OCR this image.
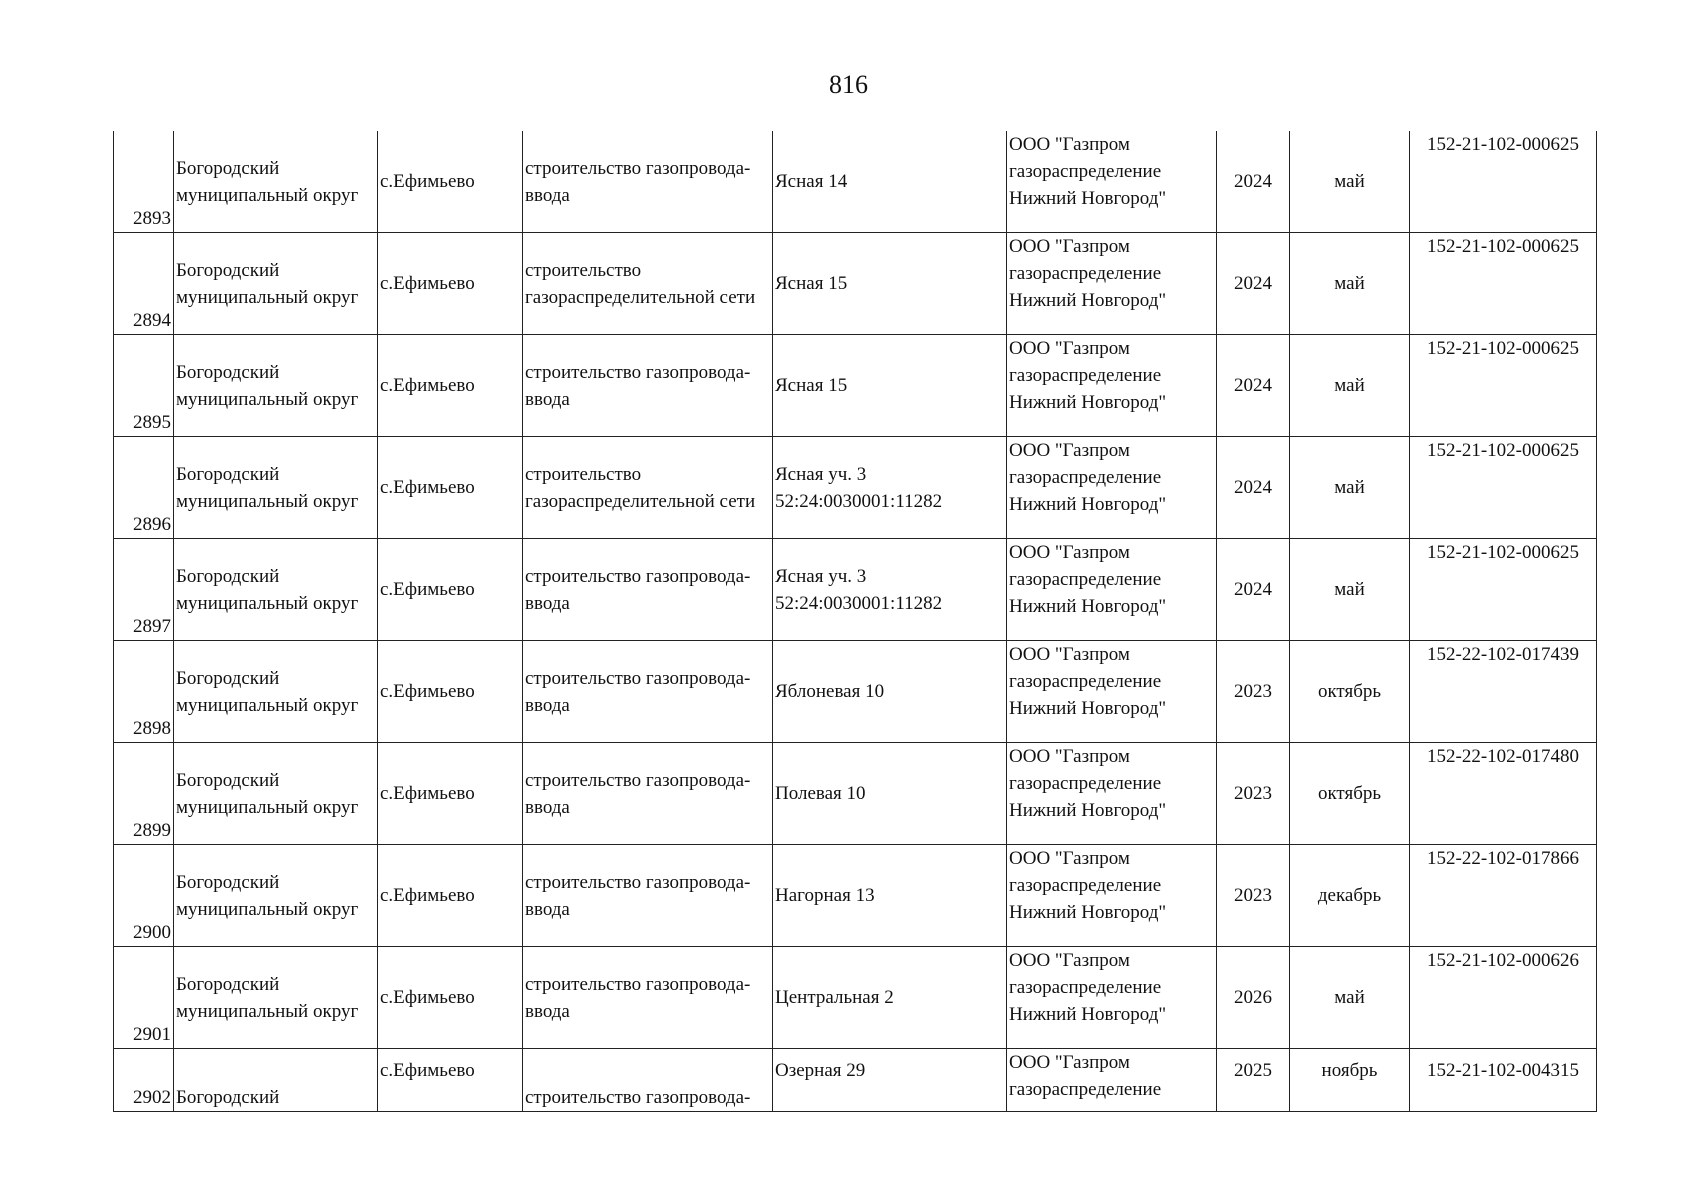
816
2893	Богородский
муниципальный округ	с.Ефимьево	строительство газопровода-
ввода	Ясная 14	ООО "Газпром
газораспределение
Нижний Новгород"	2024	май	152-21-102-000625
2894	Богородский
муниципальный округ	с.Ефимьево	строительство
газораспределительной сети	Ясная 15	ООО "Газпром
газораспределение
Нижний Новгород"	2024	май	152-21-102-000625
2895	Богородский
муниципальный округ	с.Ефимьево	строительство газопровода-
ввода	Ясная 15	ООО "Газпром
газораспределение
Нижний Новгород"	2024	май	152-21-102-000625
2896	Богородский
муниципальный округ	с.Ефимьево	строительство
газораспределительной сети	Ясная уч. 3
52:24:0030001:11282	ООО "Газпром
газораспределение
Нижний Новгород"	2024	май	152-21-102-000625
2897	Богородский
муниципальный округ	с.Ефимьево	строительство газопровода-
ввода	Ясная уч. 3
52:24:0030001:11282	ООО "Газпром
газораспределение
Нижний Новгород"	2024	май	152-21-102-000625
2898	Богородский
муниципальный округ	с.Ефимьево	строительство газопровода-
ввода	Яблоневая 10	ООО "Газпром
газораспределение
Нижний Новгород"	2023	октябрь	152-22-102-017439
2899	Богородский
муниципальный округ	с.Ефимьево	строительство газопровода-
ввода	Полевая 10	ООО "Газпром
газораспределение
Нижний Новгород"	2023	октябрь	152-22-102-017480
2900	Богородский
муниципальный округ	с.Ефимьево	строительство газопровода-
ввода	Нагорная 13	ООО "Газпром
газораспределение
Нижний Новгород"	2023	декабрь	152-22-102-017866
2901	Богородский
муниципальный округ	с.Ефимьево	строительство газопровода-
ввода	Центральная 2	ООО "Газпром
газораспределение
Нижний Новгород"	2026	май	152-21-102-000626
2902	Богородский	с.Ефимьево	строительство газопровода-	Озерная 29	ООО "Газпром
газораспределение	2025	ноябрь	152-21-102-004315
